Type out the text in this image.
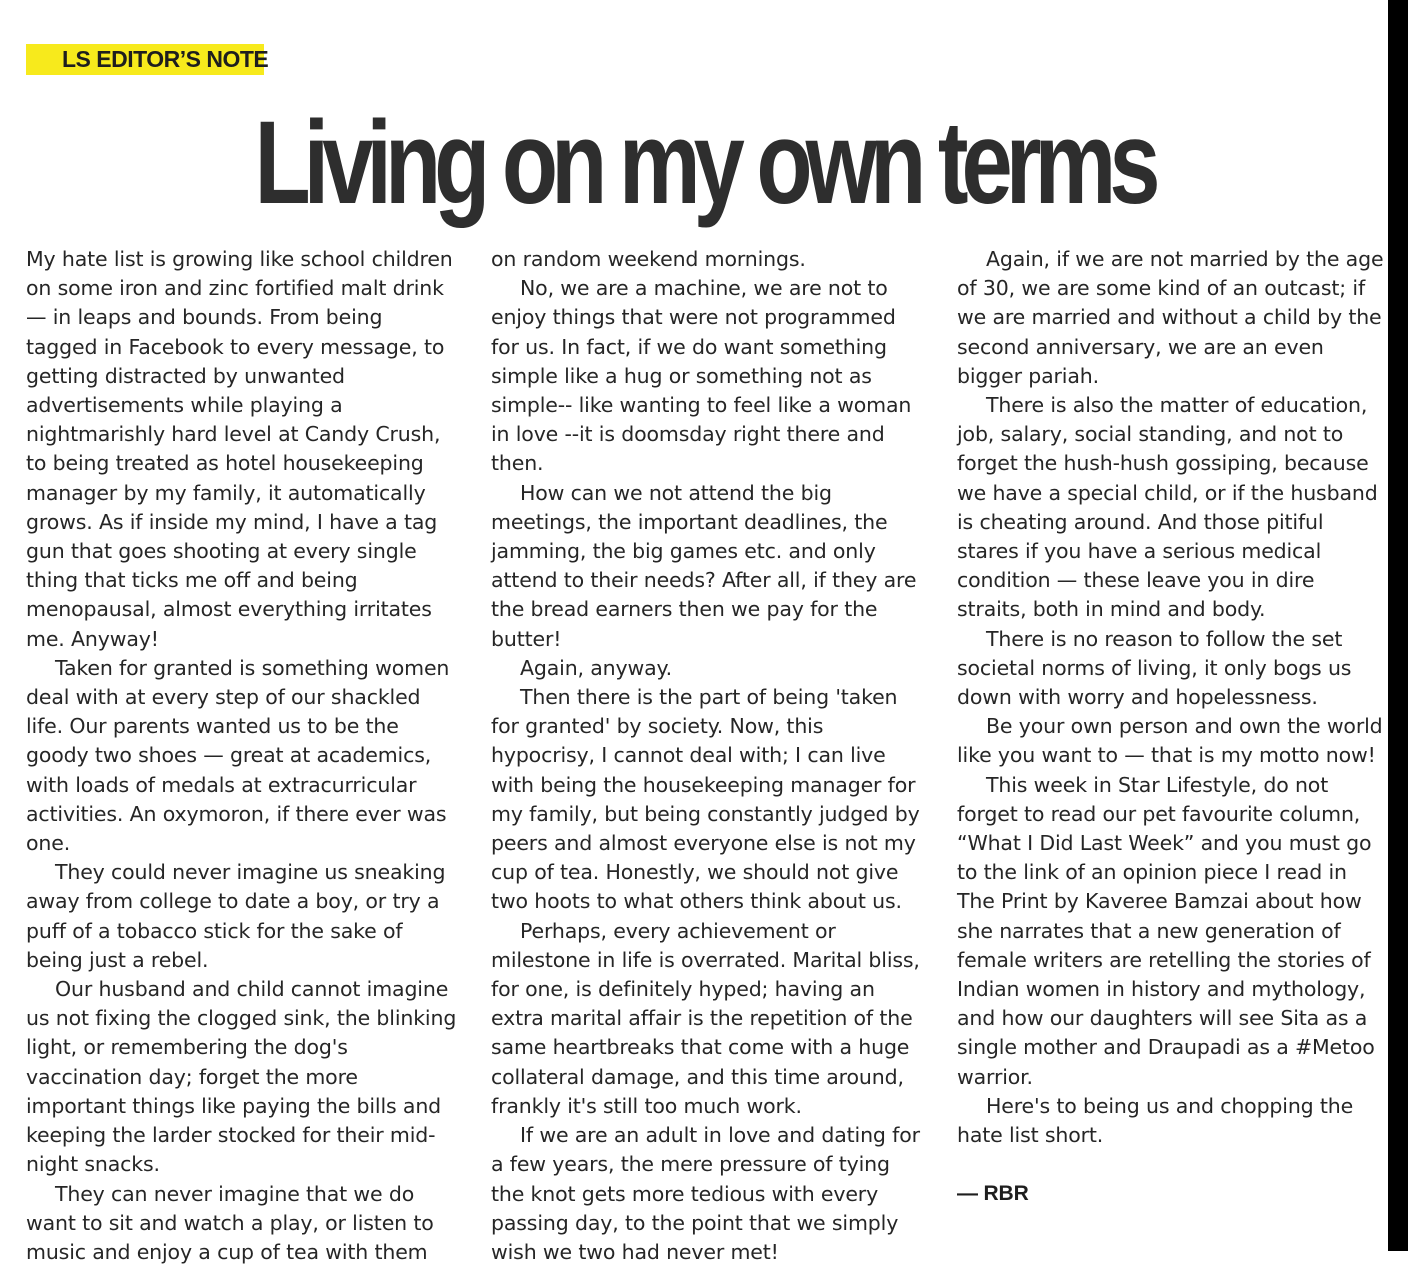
LS EDITOR’S NOTE
Living on my own terms

My hate list is growing like school children on some iron and zinc fortified malt drink — in leaps and bounds. From being tagged in Facebook to every message, to getting distracted by unwanted advertisements while playing a nightmarishly hard level at Candy Crush, to being treated as hotel housekeeping manager by my family, it automatically grows. As if inside my mind, I have a tag gun that goes shooting at every single thing that ticks me off and being menopausal, almost everything irritates me. Anyway!

Taken for granted is something women deal with at every step of our shackled life. Our parents wanted us to be the goody two shoes — great at academics, with loads of medals at extracurricular activities. An oxymoron, if there ever was one.

They could never imagine us sneaking away from college to date a boy, or try a puff of a tobacco stick for the sake of being just a rebel.

Our husband and child cannot imagine us not fixing the clogged sink, the blinking light, or remembering the dog's vaccination day; forget the more important things like paying the bills and keeping the larder stocked for their mid-night snacks.

They can never imagine that we do want to sit and watch a play, or listen to music and enjoy a cup of tea with them

on random weekend mornings.

No, we are a machine, we are not to enjoy things that were not programmed for us. In fact, if we do want something simple like a hug or something not as simple-- like wanting to feel like a woman in love --it is doomsday right there and then.

How can we not attend the big meetings, the important deadlines, the jamming, the big games etc. and only attend to their needs? After all, if they are the bread earners then we pay for the butter!

Again, anyway.

Then there is the part of being 'taken for granted' by society. Now, this hypocrisy, I cannot deal with; I can live with being the housekeeping manager for my family, but being constantly judged by peers and almost everyone else is not my cup of tea. Honestly, we should not give two hoots to what others think about us.

Perhaps, every achievement or milestone in life is overrated. Marital bliss, for one, is definitely hyped; having an extra marital affair is the repetition of the same heartbreaks that come with a huge collateral damage, and this time around, frankly it's still too much work.

If we are an adult in love and dating for a few years, the mere pressure of tying the knot gets more tedious with every passing day, to the point that we simply wish we two had never met!

Again, if we are not married by the age of 30, we are some kind of an outcast; if we are married and without a child by the second anniversary, we are an even bigger pariah.

There is also the matter of education, job, salary, social standing, and not to forget the hush-hush gossiping, because we have a special child, or if the husband is cheating around. And those pitiful stares if you have a serious medical condition — these leave you in dire straits, both in mind and body.

There is no reason to follow the set societal norms of living, it only bogs us down with worry and hopelessness.

Be your own person and own the world like you want to — that is my motto now!

This week in Star Lifestyle, do not forget to read our pet favourite column, “What I Did Last Week” and you must go to the link of an opinion piece I read in The Print by Kaveree Bamzai about how she narrates that a new generation of female writers are retelling the stories of Indian women in history and mythology, and how our daughters will see Sita as a single mother and Draupadi as a #Metoo warrior.

Here's to being us and chopping the hate list short.

— RBR
